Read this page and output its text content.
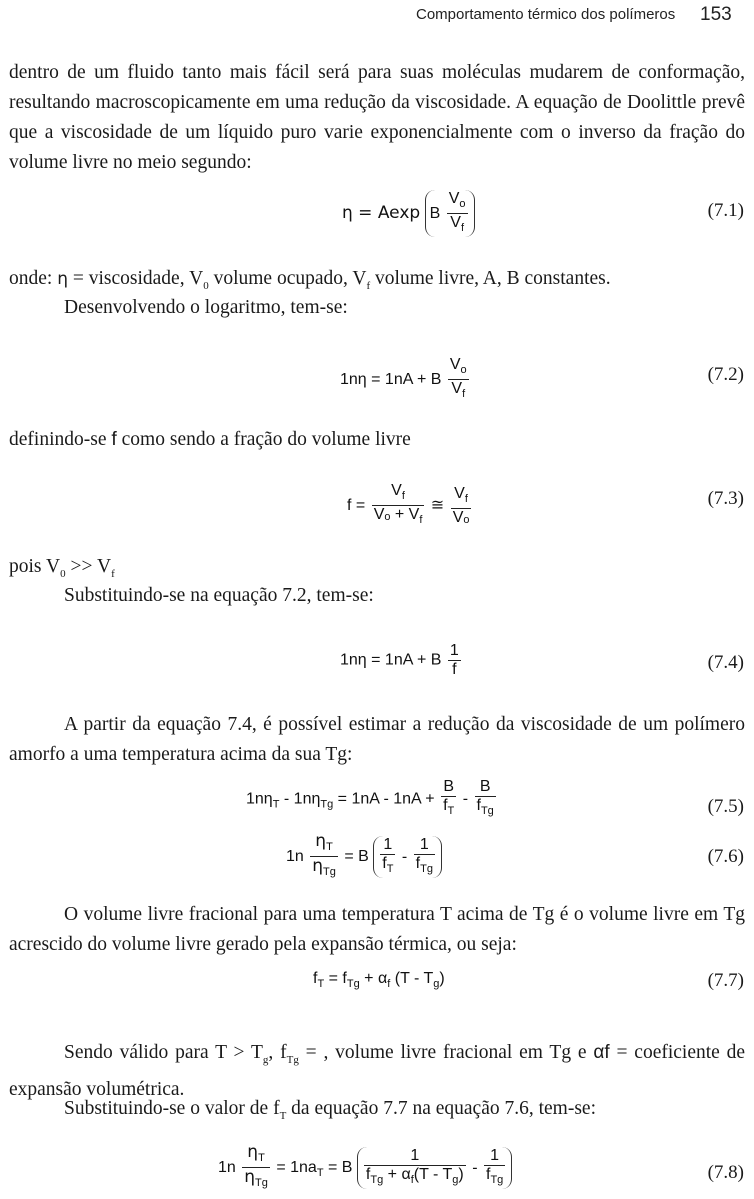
Comportamento térmico dos polímeros 153
dentro de um fluido tanto mais fácil será para suas moléculas mudarem de conformação, resultando macroscopicamente em uma redução da viscosidade. A equação de Doolittle prevê que a viscosidade de um líquido puro varie exponencialmente com o inverso da fração do volume livre no meio segundo:
η = Aexp B $\frac{V_o}{V_f}$	(7.1)
onde: η = viscosidade, $V_0$ volume ocupado, $V_f$ volume livre, A, B constantes.
Desenvolvendo o logaritmo, tem-se:
1nη = 1nA + B $\frac{V_o}{V_f}$	(7.2)
definindo-se f como sendo a fração do volume livre
$f = \frac{V_f}{V_o + V_f}$ ≅ $\frac{V_f}{\text{Vₒ}}$	(7.3)
pois $V_0 >> V_f$
Substituindo-se na equação 7.2, tem-se:
1nη = 1nA + B $\frac{1}{f}$	(7.4)
A partir da equação 7.4, é possível estimar a redução da viscosidade de um polímero amorfo a uma temperatura acima da sua Tg:
$1n\eta_T - 1n\eta_{Tg} = 1nA - 1nA + \frac{B}{f_T} - \frac{B}{f_{Tg}}$	(7.5)
$1n \frac{\eta_T}{\eta_{Tg}} = B \frac{1}{f_T} - \frac{1}{f_{Tg}}$	(7.6)
O volume livre fracional para uma temperatura T acima de Tg é o volume livre em Tg acrescido do volume livre gerado pela expansão térmica, ou seja:
$f_T = f_{Tg} + \alpha_f$ $(T - T_g)$	(7.7)
Sendo válido para $T > T_g$, $f_{Tg}$ = , volume livre fracional em Tg e αf = coeficiente de expansão volumétrica.
Substituindo-se o valor de $f_T$ da equação 7.7 na equação 7.6, tem-se:
$1n \frac{\eta_T}{\eta_{Tg}} = 1na_T = B \frac{1}{f_{Tg} + \alpha_f(T - T_g)} - \frac{1}{f_{Tg}}$	(7.8)
